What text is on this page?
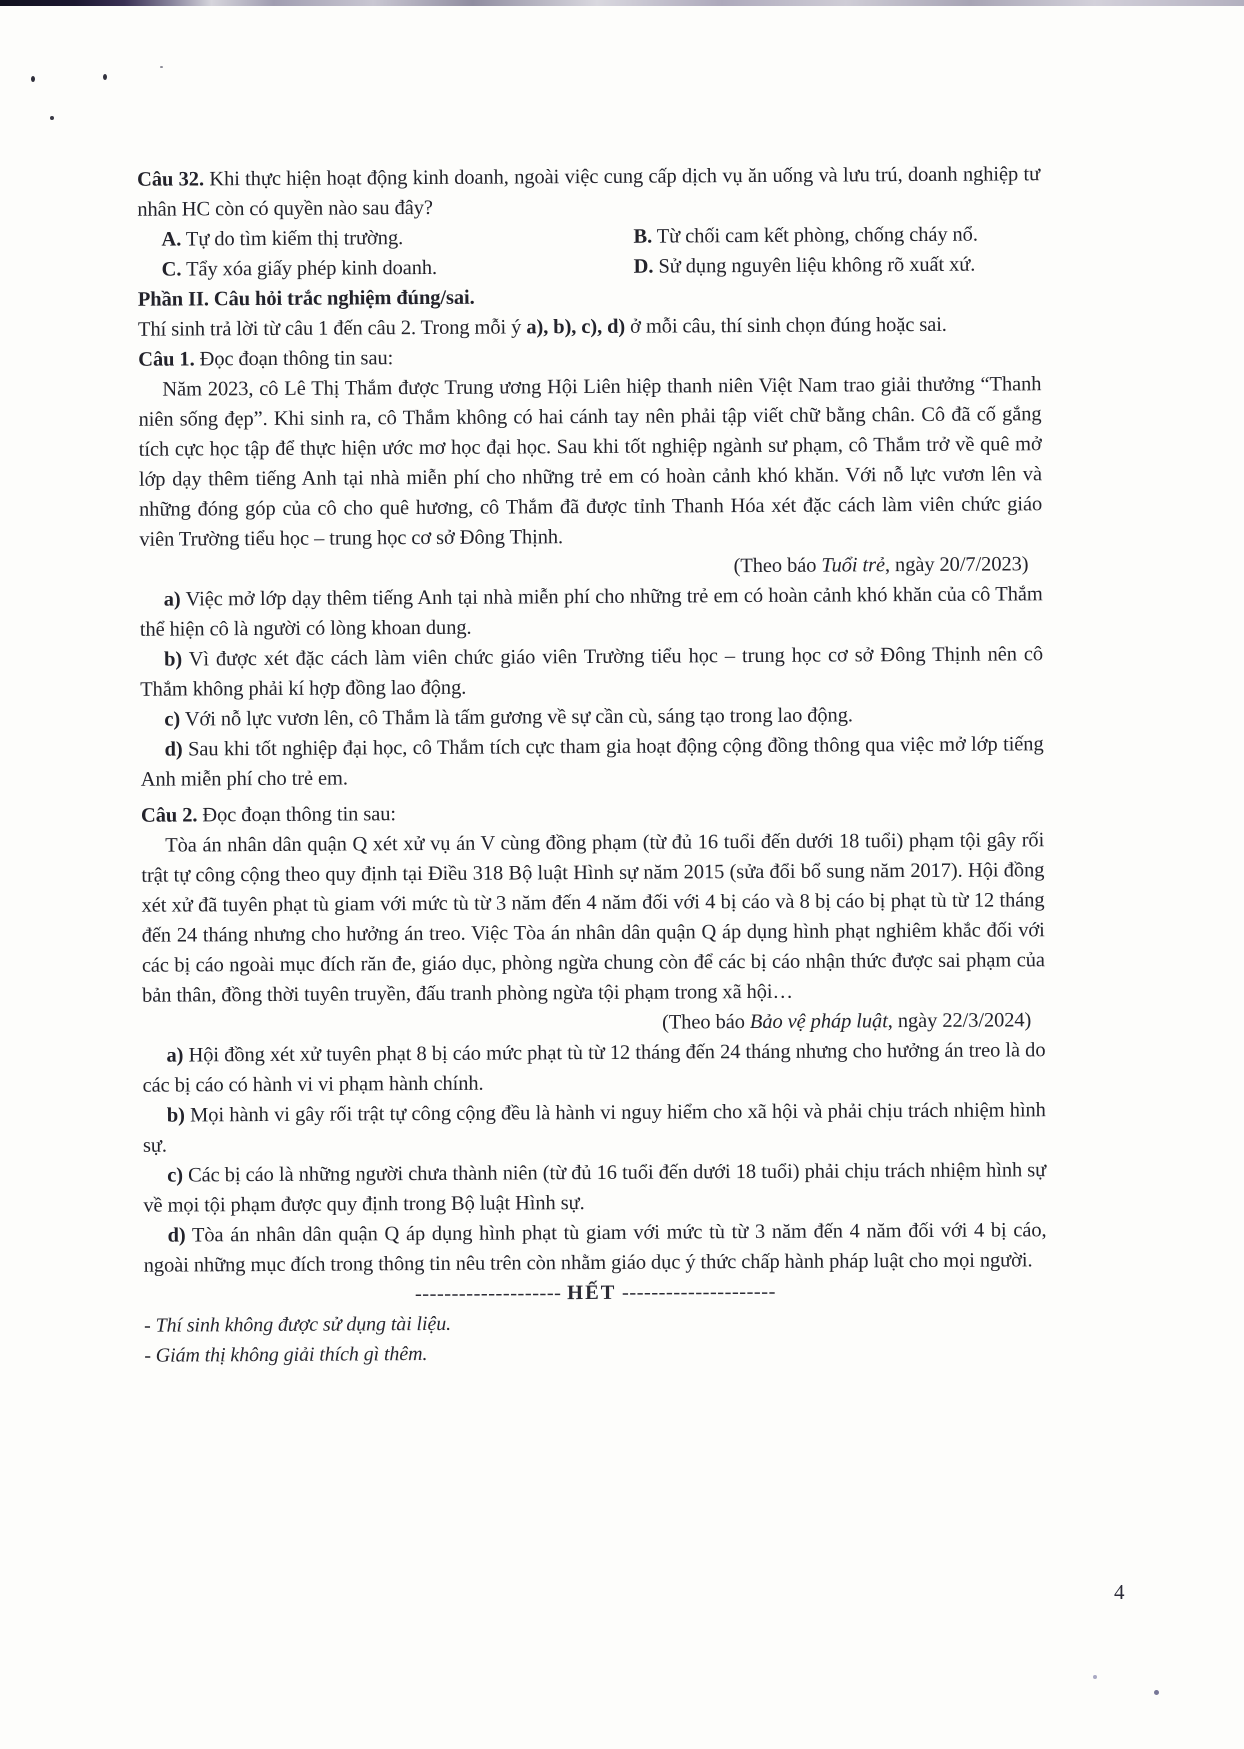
Câu 32. Khi thực hiện hoạt động kinh doanh, ngoài việc cung cấp dịch vụ ăn uống và lưu trú, doanh nghiệp tư nhân HC còn có quyền nào sau đây?

A. Tự do tìm kiếm thị trường.	B. Từ chối cam kết phòng, chống cháy nổ.

C. Tẩy xóa giấy phép kinh doanh.	D. Sử dụng nguyên liệu không rõ xuất xứ.

Phần II. Câu hỏi trắc nghiệm đúng/sai.

Thí sinh trả lời từ câu 1 đến câu 2. Trong mỗi ý a), b), c), d) ở mỗi câu, thí sinh chọn đúng hoặc sai.

Câu 1. Đọc đoạn thông tin sau:

Năm 2023, cô Lê Thị Thắm được Trung ương Hội Liên hiệp thanh niên Việt Nam trao giải thưởng “Thanh niên sống đẹp”. Khi sinh ra, cô Thắm không có hai cánh tay nên phải tập viết chữ bằng chân. Cô đã cố gắng tích cực học tập để thực hiện ước mơ học đại học. Sau khi tốt nghiệp ngành sư phạm, cô Thắm trở về quê mở lớp dạy thêm tiếng Anh tại nhà miễn phí cho những trẻ em có hoàn cảnh khó khăn. Với nỗ lực vươn lên và những đóng góp của cô cho quê hương, cô Thắm đã được tỉnh Thanh Hóa xét đặc cách làm viên chức giáo viên Trường tiểu học – trung học cơ sở Đông Thịnh.

(Theo báo Tuổi trẻ, ngày 20/7/2023)

a) Việc mở lớp dạy thêm tiếng Anh tại nhà miễn phí cho những trẻ em có hoàn cảnh khó khăn của cô Thắm thể hiện cô là người có lòng khoan dung.

b) Vì được xét đặc cách làm viên chức giáo viên Trường tiểu học – trung học cơ sở Đông Thịnh nên cô Thắm không phải kí hợp đồng lao động.

c) Với nỗ lực vươn lên, cô Thắm là tấm gương về sự cần cù, sáng tạo trong lao động.

d) Sau khi tốt nghiệp đại học, cô Thắm tích cực tham gia hoạt động cộng đồng thông qua việc mở lớp tiếng Anh miễn phí cho trẻ em.

Câu 2. Đọc đoạn thông tin sau:

Tòa án nhân dân quận Q xét xử vụ án V cùng đồng phạm (từ đủ 16 tuổi đến dưới 18 tuổi) phạm tội gây rối trật tự công cộng theo quy định tại Điều 318 Bộ luật Hình sự năm 2015 (sửa đổi bổ sung năm 2017). Hội đồng xét xử đã tuyên phạt tù giam với mức tù từ 3 năm đến 4 năm đối với 4 bị cáo và 8 bị cáo bị phạt tù từ 12 tháng đến 24 tháng nhưng cho hưởng án treo. Việc Tòa án nhân dân quận Q áp dụng hình phạt nghiêm khắc đối với các bị cáo ngoài mục đích răn đe, giáo dục, phòng ngừa chung còn để các bị cáo nhận thức được sai phạm của bản thân, đồng thời tuyên truyền, đấu tranh phòng ngừa tội phạm trong xã hội…

(Theo báo Bảo vệ pháp luật, ngày 22/3/2024)

a) Hội đồng xét xử tuyên phạt 8 bị cáo mức phạt tù từ 12 tháng đến 24 tháng nhưng cho hưởng án treo là do các bị cáo có hành vi vi phạm hành chính.

b) Mọi hành vi gây rối trật tự công cộng đều là hành vi nguy hiểm cho xã hội và phải chịu trách nhiệm hình sự.

c) Các bị cáo là những người chưa thành niên (từ đủ 16 tuổi đến dưới 18 tuổi) phải chịu trách nhiệm hình sự về mọi tội phạm được quy định trong Bộ luật Hình sự.

d) Tòa án nhân dân quận Q áp dụng hình phạt tù giam với mức tù từ 3 năm đến 4 năm đối với 4 bị cáo, ngoài những mục đích trong thông tin nêu trên còn nhằm giáo dục ý thức chấp hành pháp luật cho mọi người.

-------------------- HẾT ---------------------

- Thí sinh không được sử dụng tài liệu.

- Giám thị không giải thích gì thêm.

4
